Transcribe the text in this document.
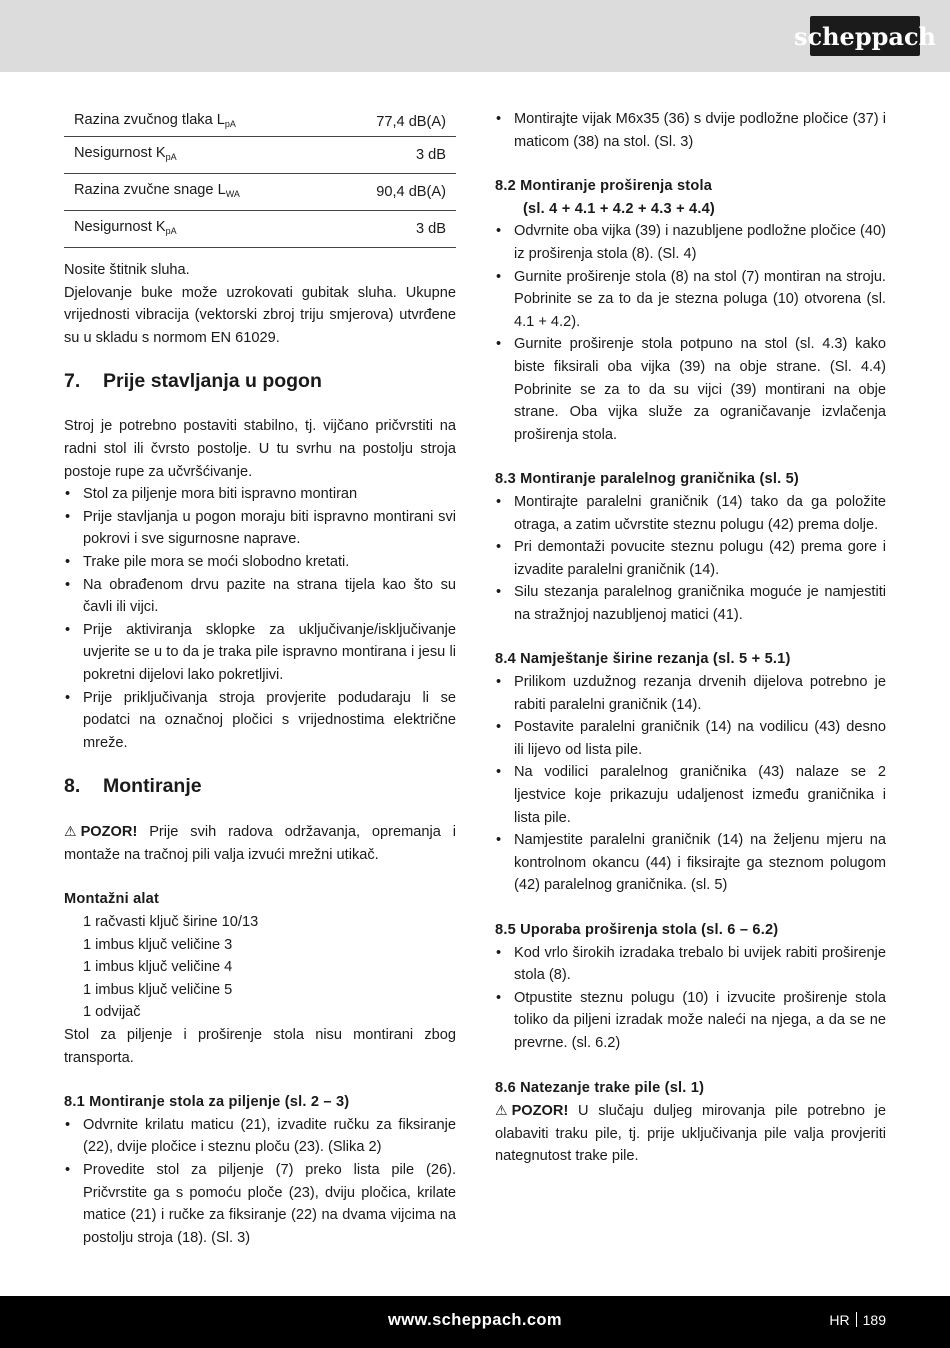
scheppach
Razina zvučnog tlaka $L_{pA}$	77,4 dB(A)
Nesigurnost $K_{pA}$	3 dB
Razina zvučne snage $L_{WA}$	90,4 dB(A)
Nesigurnost $K_{pA}$	3 dB

Nosite štitnik sluha.
Djelovanje buke može uzrokovati gubitak sluha. Ukupne vrijednosti vibracija (vektorski zbroj triju smjerova) utvrđene su u skladu s normom EN 61029.

7. Prije stavljanja u pogon

Stroj je potrebno postaviti stabilno, tj. vijčano pričvrstiti na radni stol ili čvrsto postolje. U tu svrhu na postolju stroja postoje rupe za učvršćivanje.

• Stol za piljenje mora biti ispravno montiran
• Prije stavljanja u pogon moraju biti ispravno montirani svi pokrovi i sve sigurnosne naprave.
• Trake pile mora se moći slobodno kretati.
• Na obrađenom drvu pazite na strana tijela kao što su čavli ili vijci.
• Prije aktiviranja sklopke za uključivanje/isključivanje uvjerite se u to da je traka pile ispravno montirana i jesu li pokretni dijelovi lako pokretljivi.
• Prije priključivanja stroja provjerite podudaraju li se podatci na označnoj pločici s vrijednostima električne mreže.
8. Montiranje

⚠ POZOR! Prije svih radova održavanja, opremanja i montaže na tračnoj pili valja izvući mrežni utikač.

Montažni alat
1 račvasti ključ širine 10/13
1 imbus ključ veličine 3
1 imbus ključ veličine 4
1 imbus ključ veličine 5
1 odvijač

Stol za piljenje i proširenje stola nisu montirani zbog transporta.

8.1 Montiranje stola za piljenje (sl. 2 – 3)
• Odvrnite krilatu maticu (21), izvadite ručku za fiksiranje (22), dvije pločice i steznu ploču (23). (Slika 2)
• Provedite stol za piljenje (7) preko lista pile (26). Pričvrstite ga s pomoću ploče (23), dviju pločica, krilate matice (21) i ručke za fiksiranje (22) na dvama vijcima na postolju stroja (18). (Sl. 3)
• Montirajte vijak M6x35 (36) s dvije podložne pločice (37) i maticom (38) na stol. (Sl. 3)
8.2 Montiranje proširenja stola
(sl. 4 + 4.1 + 4.2 + 4.3 + 4.4)
• Odvrnite oba vijka (39) i nazubljene podložne pločice (40) iz proširenja stola (8). (Sl. 4)
• Gurnite proširenje stola (8) na stol (7) montiran na stroju. Pobrinite se za to da je stezna poluga (10) otvorena (sl. 4.1 + 4.2).
• Gurnite proširenje stola potpuno na stol (sl. 4.3) kako biste fiksirali oba vijka (39) na obje strane. (Sl. 4.4) Pobrinite se za to da su vijci (39) montirani na obje strane. Oba vijka služe za ograničavanje izvlačenja proširenja stola.
8.3 Montiranje paralelnog graničnika (sl. 5)
• Montirajte paralelni graničnik (14) tako da ga položite otraga, a zatim učvrstite steznu polugu (42) prema dolje.
• Pri demontaži povucite steznu polugu (42) prema gore i izvadite paralelni graničnik (14).
• Silu stezanja paralelnog graničnika moguće je namjestiti na stražnjoj nazubljenoj matici (41).
8.4 Namještanje širine rezanja (sl. 5 + 5.1)
• Prilikom uzdužnog rezanja drvenih dijelova potrebno je rabiti paralelni graničnik (14).
• Postavite paralelni graničnik (14) na vodilicu (43) desno ili lijevo od lista pile.
• Na vodilici paralelnog graničnika (43) nalaze se 2 ljestvice koje prikazuju udaljenost između graničnika i lista pile.
• Namjestite paralelni graničnik (14) na željenu mjeru na kontrolnom okancu (44) i fiksirajte ga steznom polugom (42) paralelnog graničnika. (sl. 5)
8.5 Uporaba proširenja stola (sl. 6 – 6.2)
• Kod vrlo širokih izradaka trebalo bi uvijek rabiti proširenje stola (8).
• Otpustite steznu polugu (10) i izvucite proširenje stola toliko da piljeni izradak može naleći na njega, a da se ne prevrne. (sl. 6.2)
8.6 Natezanje trake pile (sl. 1)

⚠ POZOR! U slučaju duljeg mirovanja pile potrebno je olabaviti traku pile, tj. prije uključivanja pile valja provjeriti nategnutost trake pile.

www.scheppach.com	HR 189
